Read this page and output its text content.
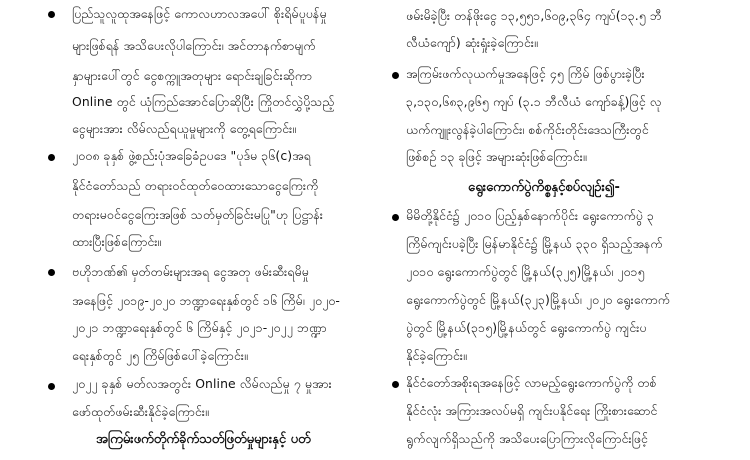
ပြည်သူလူထုအနေဖြင့် ကောလဟာလအပေါ် စိုးရိမ်ပူပန်မှု
များဖြစ်ရန် အသိပေးလိုပါကြောင်း၊ အင်တာနက်စာမျက်
နှာများပေါ်တွင် ငွေစက္ကူအတုများ ရောင်းချခြင်းဆိုကာ
Online တွင် ယုံကြည်အောင်ပြောဆိုပြီး ကြိုတင်လွှဲပို့သည့်
ငွေများအား လိမ်လည်ရယူမှုများကို တွေ့ရကြောင်း။
၂၀၀၈ ခုနှစ် ဖွဲ့စည်းပုံအခြေခံဥပဒေ "ပုဒ်မ ၃၆(c)အရ
နိုင်ငံတော်သည် တရားဝင်ထုတ်ဝေထားသောငွေကြေးကို
တရားမဝင်ငွေကြေးအဖြစ် သတ်မှတ်ခြင်းမပြု"ဟု ပြဋ္ဌာန်း
ထားပြီးဖြစ်ကြောင်း။
ဗဟိုဘဏ်၏ မှတ်တမ်းများအရ ငွေအတု ဖမ်းဆီးရမိမှု
အနေဖြင့် ၂၀၁၉-၂၀၂၀ ဘဏ္ဍာရေးနှစ်တွင် ၁၆ ကြိမ်၊ ၂၀၂၀-
၂၀၂၁ ဘဏ္ဍာရေးနှစ်တွင် ၆ ကြိမ်နှင့် ၂၀၂၁-၂၀၂၂ ဘဏ္ဍာ
ရေးနှစ်တွင် ၂၅ ကြိမ်ဖြစ်ပေါ်ခဲ့ကြောင်း။
၂၀၂၂ ခုနှစ် မတ်လအတွင်း Online လိမ်လည်မှု ၇ မှုအား
ဖော်ထုတ်ဖမ်းဆီးနိုင်ခဲ့ကြောင်း။
အကြမ်းဖက်တိုက်ခိုက်သတ်ဖြတ်မှုများနှင့် ပတ်
ဖမ်းမိခဲ့ပြီး တန်ဖိုးငွေ ၁၃,၅၅၁,၆၀၉,၃၆၄ ကျပ်(၁၃.၅ ဘီ
လီယံကျော်) ဆုံးရှုံးခဲ့ကြောင်း။
အကြမ်းဖက်လုယက်မှုအနေဖြင့် ၄၅ ကြိမ် ဖြစ်ပွားခဲ့ပြီး
၃,၁၃၀,၆၈၃,၉၆၅ ကျပ် (၃.၁ ဘီလီယံ ကျော်ခန့်)ဖြင့် လု
ယက်ကျူးလွန်ခဲ့ပါကြောင်း၊ စစ်ကိုင်းတိုင်းဒေသကြီးတွင်
ဖြစ်စဉ် ၁၃ ခုဖြင့် အများဆုံးဖြစ်ကြောင်း။
ရွေးကောက်ပွဲကိစ္စနှင့်စပ်လျဉ်း၍-
မိမိတို့နိုင်ငံ၌ ၂၀၁၀ ပြည့်နှစ်နောက်ပိုင်း ရွေးကောက်ပွဲ ၃
ကြိမ်ကျင်းပခဲ့ပြီး မြန်မာနိုင်ငံ၌ မြို့နယ် ၃၃၀ ရှိသည့်အနက်
၂၀၁၀ ရွေးကောက်ပွဲတွင် မြို့နယ်(၃၂၅)မြို့နယ်၊ ၂၀၁၅
ရွေးကောက်ပွဲတွင် မြို့နယ်(၃၂၃)မြို့နယ်၊ ၂၀၂၀ ရွေးကောက်
ပွဲတွင် မြို့နယ်(၃၁၅)မြို့နယ်တွင် ရွေးကောက်ပွဲ ကျင်းပ
နိုင်ခဲ့ကြောင်း။
နိုင်ငံတော်အစိုးရအနေဖြင့် လာမည့်ရွေးကောက်ပွဲကို တစ်
နိုင်ငံလုံး အကြားအလပ်မရှိ ကျင်းပနိုင်ရေး ကြိုးစားဆောင်
ရွက်လျက်ရှိသည်ကို အသိပေးပြောကြားလိုကြောင်းဖြင့်
